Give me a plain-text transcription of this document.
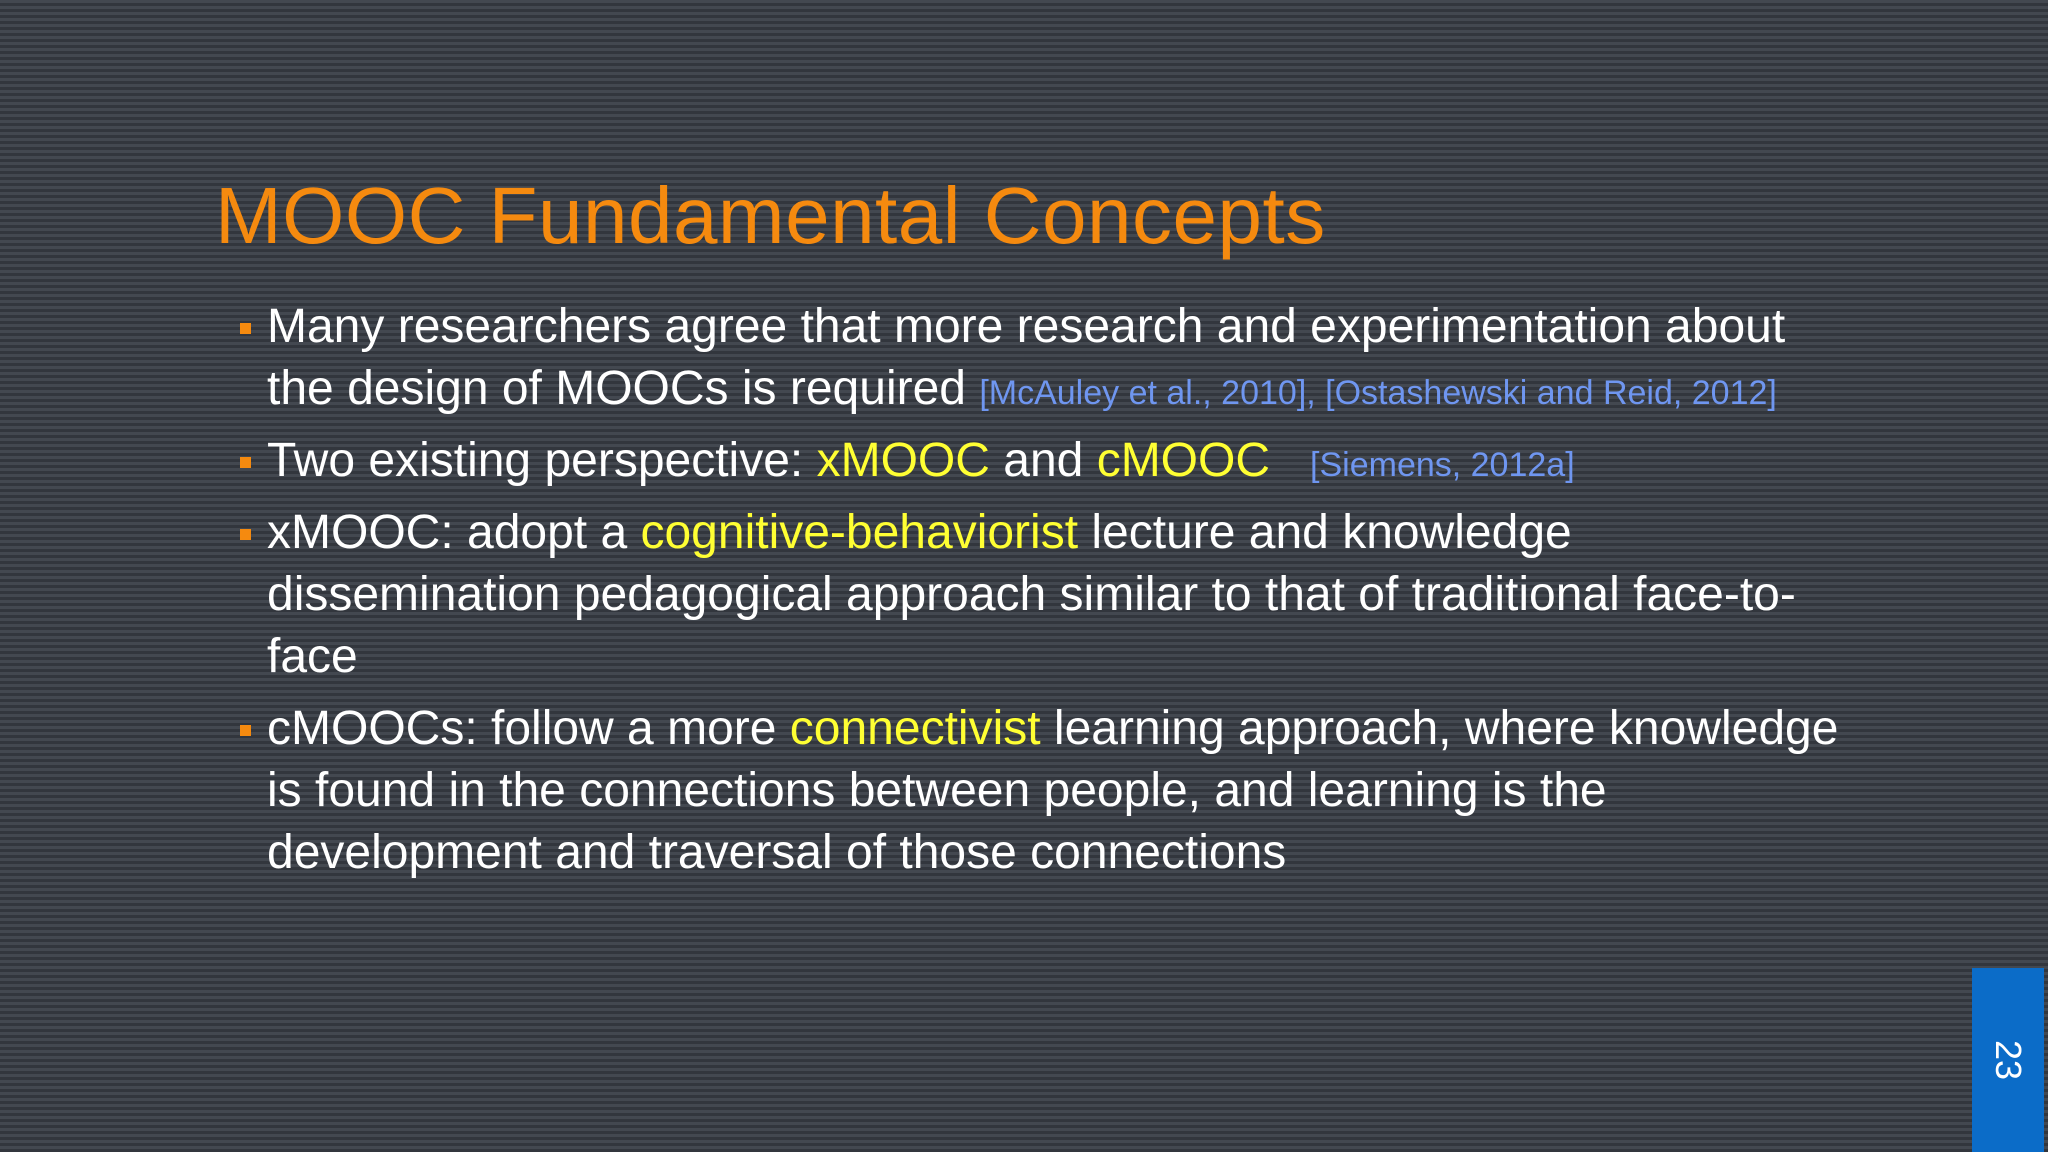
MOOC Fundamental Concepts
Many researchers agree that more research and experimentation about the design of MOOCs is required [McAuley et al., 2010], [Ostashewski and Reid, 2012]
Two existing perspective: xMOOC and cMOOC [Siemens, 2012a]
xMOOC: adopt a cognitive-behaviorist lecture and knowledge dissemination pedagogical approach similar to that of traditional face-to-face
cMOOCs: follow a more connectivist learning approach, where knowledge is found in the connections between people, and learning is the development and traversal of those connections
23
